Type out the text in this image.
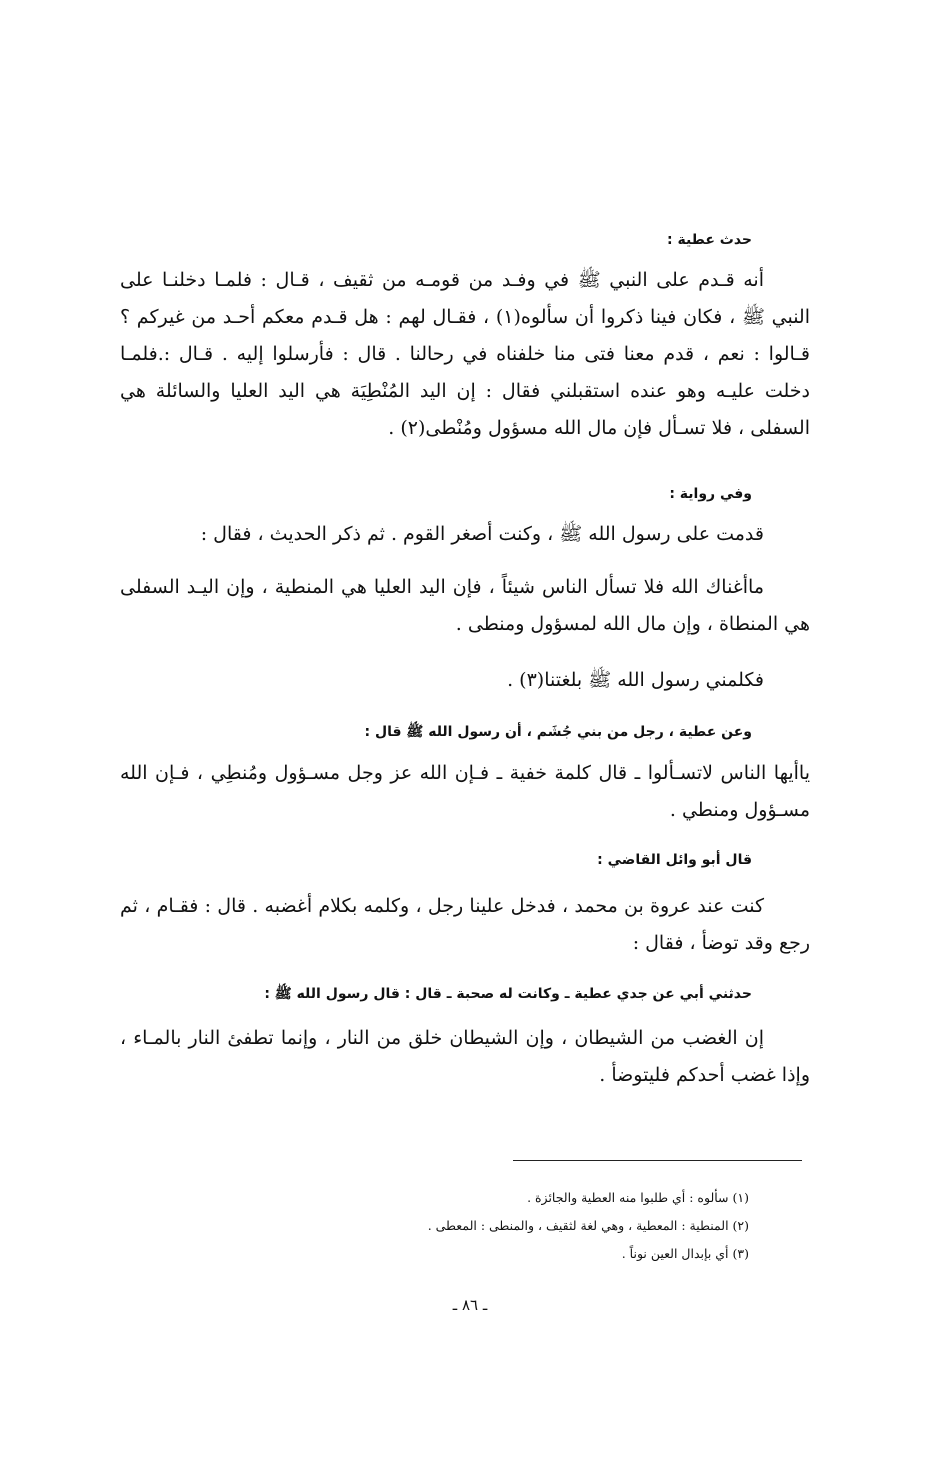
حدث عطية :
أنه قـدم على النبي ﷺ في وفـد من قومـه من ثقيف ، قـال : فلمـا دخلنـا على النبي ﷺ ، فكان فينا ذكروا أن سألوه(١) ، فقـال لهم : هل قـدم معكم أحـد من غيركم ؟ قـالوا : نعم ، قدم معنا فتى منا خلفناه في رحالنا . قال : فأرسلوا إليه . قـال :.فلمـا دخلت عليـه وهو عنده استقبلني فقال : إن اليد المُنْطِيَة هي اليد العليا والسائلة هي السفلى ، فلا تسـأل فإن مال الله مسؤول ومُنْطى(٢) .
وفي رواية :
قدمت على رسول الله ﷺ ، وكنت أصغر القوم . ثم ذكر الحديث ، فقال :
ماأغناك الله فلا تسأل الناس شيئاً ، فإن اليد العليا هي المنطية ، وإن اليـد السفلى هي المنطاة ، وإن مال الله لمسؤول ومنطى .
فكلمني رسول الله ﷺ بلغتنا(٣) .
وعن عطية ، رجل من بني جُشَم ، أن رسول الله ﷺ قال :
ياأيها الناس لاتسـألوا ـ قال كلمة خفية ـ فـإن الله عز وجل مسـؤول ومُنطِي ، فـإن الله مسـؤول ومنطي .
قال أبو وائل القاضي :
كنت عند عروة بن محمد ، فدخل علينا رجل ، وكلمه بكلام أغضبه . قال : فقـام ، ثم رجع وقد توضأ ، فقال :
حدثني أبي عن جدي عطية ـ وكانت له صحبة ـ قال : قال رسول الله ﷺ :
إن الغضب من الشيطان ، وإن الشيطان خلق من النار ، وإنما تطفئ النار بالمـاء ، وإذا غضب أحدكم فليتوضأ .
(١) سألوه : أي طلبوا منه العطية والجائزة .
(٢) المنطية : المعطية ، وهي لغة لثقيف ، والمنطى : المعطى .
(٣) أي بإبدال العين نوناً .
ـ ٨٦ ـ
